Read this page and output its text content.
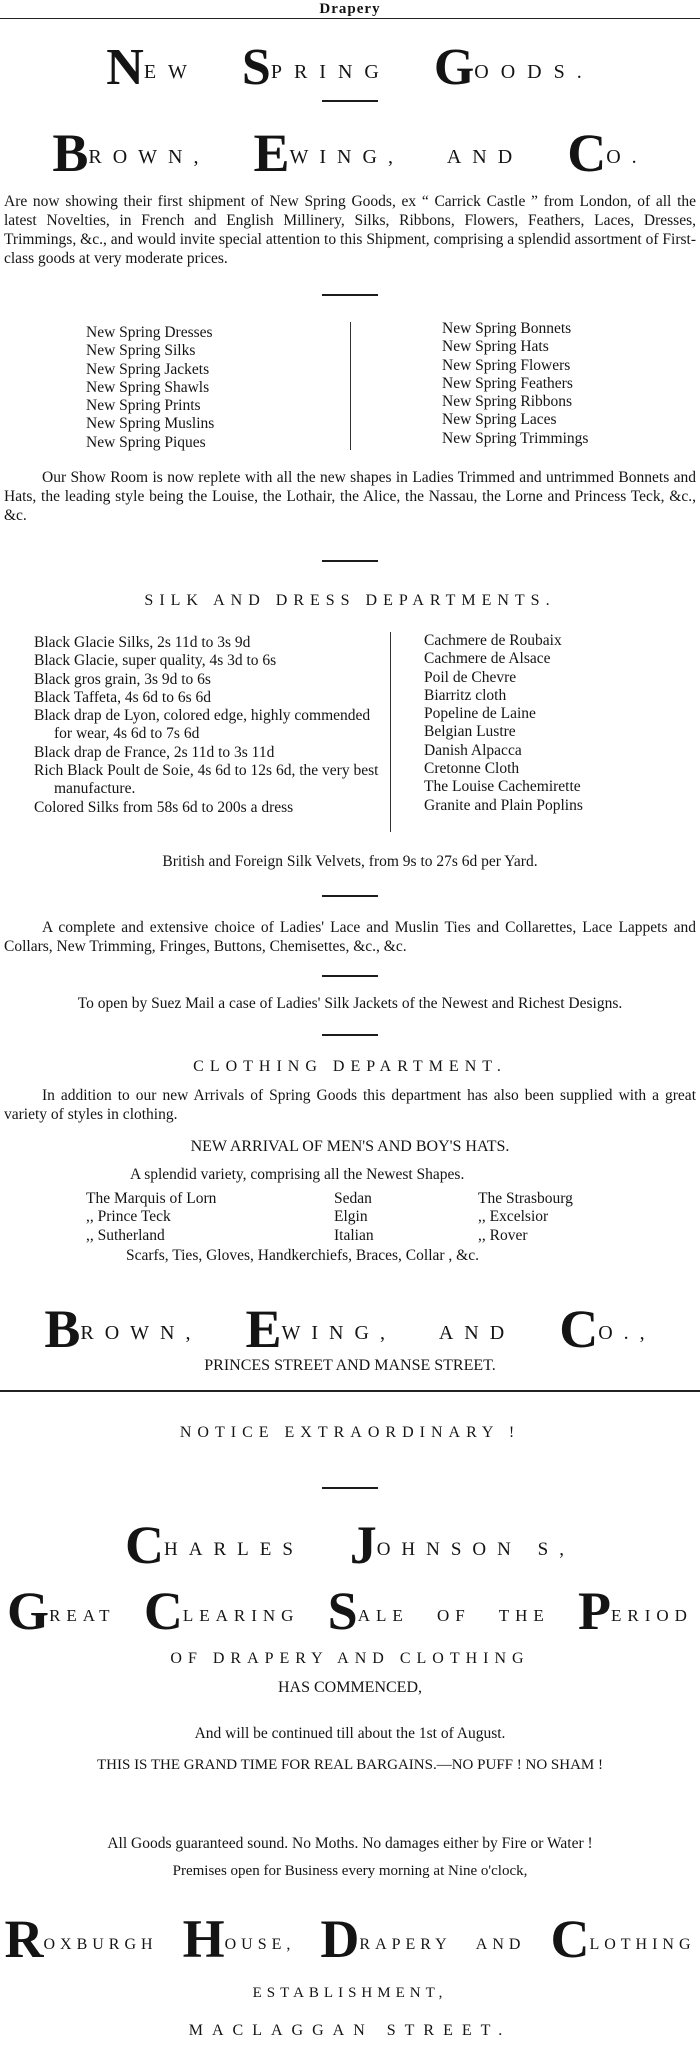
Drapery
NEW SPRING GOODS.
BROWN, EWING, AND CO.
Are now showing their first shipment of New Spring Goods, ex “ Carrick Castle ” from London, of all the latest Novelties, in French and English Millinery, Silks, Ribbons, Flowers, Feathers, Laces, Dresses, Trimmings, &c., and would invite special attention to this Shipment, comprising a splendid assortment of First-class goods at very moderate prices.
New Spring Dresses
New Spring Silks
New Spring Jackets
New Spring Shawls
New Spring Prints
New Spring Muslins
New Spring Piques
New Spring Bonnets
New Spring Hats
New Spring Flowers
New Spring Feathers
New Spring Ribbons
New Spring Laces
New Spring Trimmings
Our Show Room is now replete with all the new shapes in Ladies Trimmed and untrimmed Bonnets and Hats, the leading style being the Louise, the Lothair, the Alice, the Nassau, the Lorne and Princess Teck, &c., &c.
SILK AND DRESS DEPARTMENTS.
Black Glacie Silks, 2s 11d to 3s 9d
Black Glacie, super quality, 4s 3d to 6s
Black gros grain, 3s 9d to 6s
Black Taffeta, 4s 6d to 6s 6d
Black drap de Lyon, colored edge, highly commended for wear, 4s 6d to 7s 6d
Black drap de France, 2s 11d to 3s 11d
Rich Black Poult de Soie, 4s 6d to 12s 6d, the very best manufacture.
Colored Silks from 58s 6d to 200s a dress
Cachmere de Roubaix
Cachmere de Alsace
Poil de Chevre
Biarritz cloth
Popeline de Laine
Belgian Lustre
Danish Alpacca
Cretonne Cloth
The Louise Cachemirette
Granite and Plain Poplins
British and Foreign Silk Velvets, from 9s to 27s 6d per Yard.
A complete and extensive choice of Ladies' Lace and Muslin Ties and Collarettes, Lace Lappets and Collars, New Trimming, Fringes, Buttons, Chemisettes, &c., &c.
To open by Suez Mail a case of Ladies' Silk Jackets of the Newest and Richest Designs.
CLOTHING DEPARTMENT.
In addition to our new Arrivals of Spring Goods this department has also been supplied with a great variety of styles in clothing.
NEW ARRIVAL OF MEN'S AND BOY'S HATS.
A splendid variety, comprising all the Newest Shapes.
The Marquis of Lorn
,, Prince Teck
,, Sutherland
Sedan
Elgin
Italian
The Strasbourg
,, Excelsior
,, Rover
Scarfs, Ties, Gloves, Handkerchiefs, Braces, Collar , &c.
BROWN, EWING, AND CO.,
PRINCES STREET AND MANSE STREET.
NOTICE EXTRAORDINARY !
CHARLES JOHNSON S,
GREAT CLEARING SALE OF THE PERIOD
OF DRAPERY AND CLOTHING
HAS COMMENCED,
And will be continued till about the 1st of August.
THIS IS THE GRAND TIME FOR REAL BARGAINS.—NO PUFF ! NO SHAM !
All Goods guaranteed sound. No Moths. No damages either by Fire or Water !
Premises open for Business every morning at Nine o'clock,
ROXBURGH HOUSE, DRAPERY AND CLOTHING
ESTABLISHMENT,
MACLAGGAN STREET.
